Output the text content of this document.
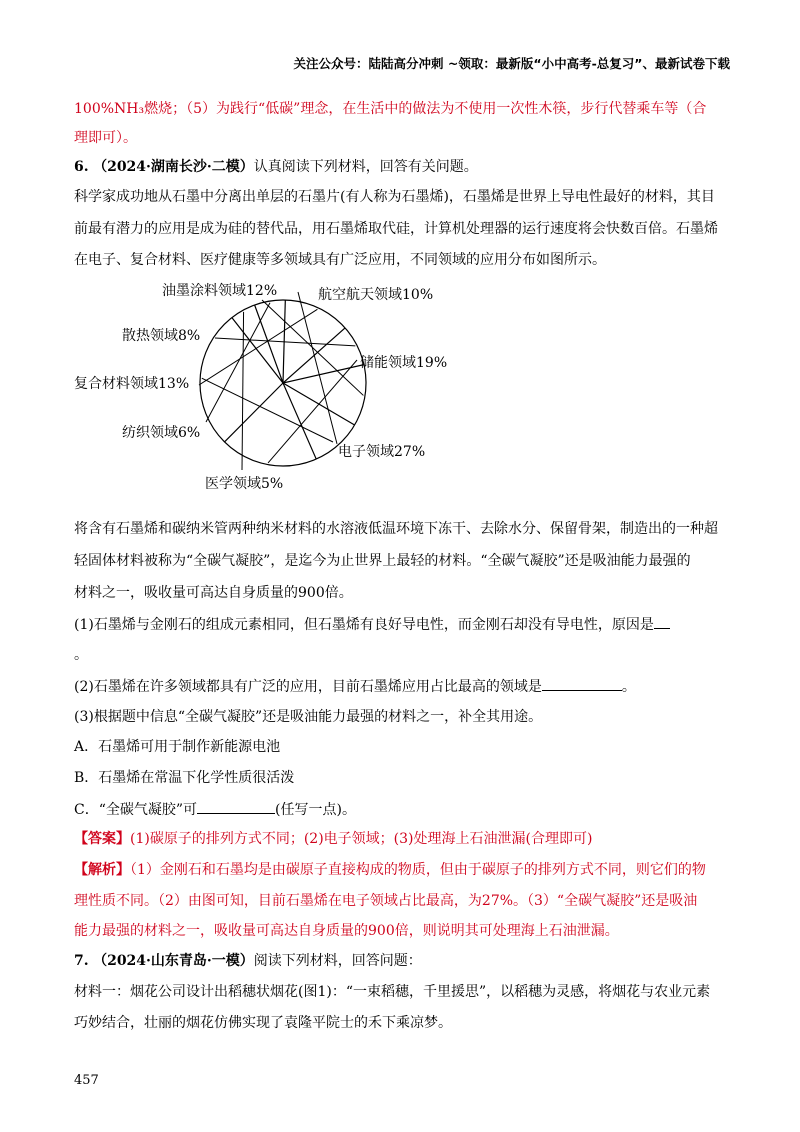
关注公众号：陆陆高分冲刺 ~领取：最新版“小中高考-总复习”、最新试卷下载
100%NH₃燃烧；（5）为践行“低碳”理念，在生活中的做法为不使用一次性木筷，步行代替乘车等（合
理即可）。
6. （2024·湖南长沙·二模）认真阅读下列材料，回答有关问题。
科学家成功地从石墨中分离出单层的石墨片(有人称为石墨烯)，石墨烯是世界上导电性最好的材料，其目
前最有潜力的应用是成为硅的替代品，用石墨烯取代硅，计算机处理器的运行速度将会快数百倍。石墨烯
在电子、复合材料、医疗健康等多领域具有广泛应用，不同领域的应用分布如图所示。
电子领域27%
储能领域19%
航空航天领域10%
油墨涂料领域12%
散热领域8%
复合材料领域13%
纺织领域6%
医学领域5%
将含有石墨烯和碳纳米管两种纳米材料的水溶液低温环境下冻干、去除水分、保留骨架，制造出的一种超
轻固体材料被称为“全碳气凝胶”，是迄今为止世界上最轻的材料。“全碳气凝胶”还是吸油能力最强的
材料之一，吸收量可高达自身质量的900倍。
(1)石墨烯与金刚石的组成元素相同，但石墨烯有良好导电性，而金刚石却没有导电性，原因是
。
(2)石墨烯在许多领域都具有广泛的应用，目前石墨烯应用占比最高的领域是	。
(3)根据题中信息“全碳气凝胶”还是吸油能力最强的材料之一，补全其用途。
A．石墨烯可用于制作新能源电池
B．石墨烯在常温下化学性质很活泼
C．“全碳气凝胶”可	(任写一点)。
【答案】(1)碳原子的排列方式不同；(2)电子领域；(3)处理海上石油泄漏(合理即可)
【解析】（1）金刚石和石墨均是由碳原子直接构成的物质，但由于碳原子的排列方式不同，则它们的物
理性质不同。（2）由图可知，目前石墨烯在电子领域占比最高，为27%。（3）“全碳气凝胶”还是吸油
能力最强的材料之一，吸收量可高达自身质量的900倍，则说明其可处理海上石油泄漏。
7. （2024·山东青岛·一模）阅读下列材料，回答问题：
材料一：烟花公司设计出稻穗状烟花(图1)：“一束稻穗，千里援思”，以稻穗为灵感，将烟花与农业元素
巧妙结合，壮丽的烟花仿佛实现了袁隆平院士的禾下乘凉梦。
457
